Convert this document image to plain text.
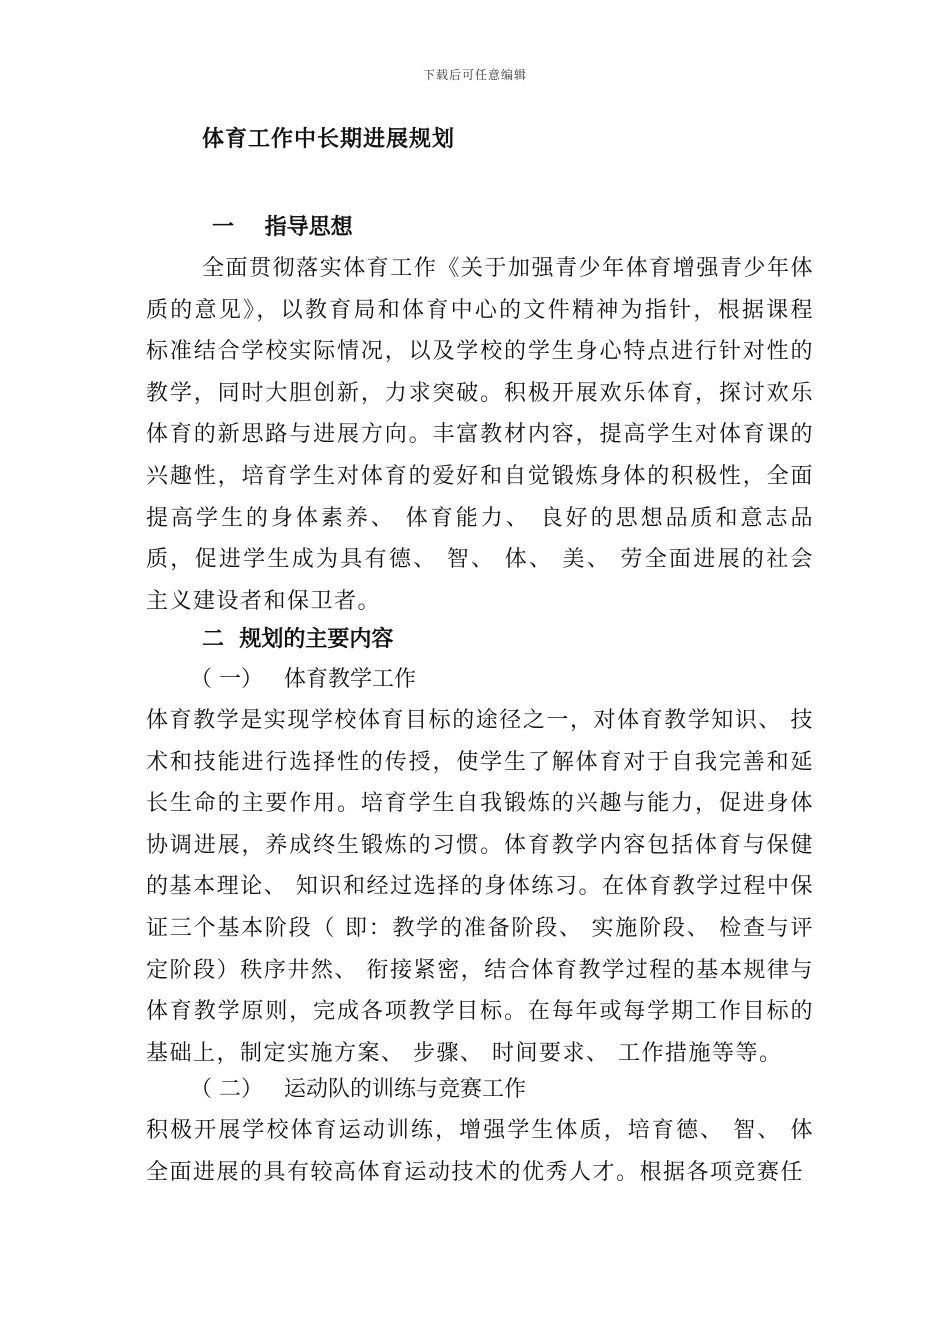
下载后可任意编辑
体育工作中长期进展规划
一    指导思想
全面贯彻落实体育工作《关于加强青少年体育增强青少年体质的意见》，以教育局和体育中心的文件精神为指针，根据课程标准结合学校实际情况，以及学校的学生身心特点进行针对性的教学，同时大胆创新，力求突破。积极开展欢乐体育，探讨欢乐体育的新思路与进展方向。丰富教材内容，提高学生对体育课的兴趣性，培育学生对体育的爱好和自觉锻炼身体的积极性，全面提高学生的身体素养、 体育能力、 良好的思想品质和意志品质，促进学生成为具有德、 智、 体、 美、 劳全面进展的社会主义建设者和保卫者。
二  规划的主要内容
（ 一）   体育教学工作
体育教学是实现学校体育目标的途径之一，对体育教学知识、 技术和技能进行选择性的传授，使学生了解体育对于自我完善和延长生命的主要作用。培育学生自我锻炼的兴趣与能力，促进身体协调进展，养成终生锻炼的习惯。体育教学内容包括体育与保健的基本理论、 知识和经过选择的身体练习。在体育教学过程中保证三个基本阶段（ 即：教学的准备阶段、 实施阶段、 检查与评定阶段）秩序井然、 衔接紧密，结合体育教学过程的基本规律与体育教学原则，完成各项教学目标。在每年或每学期工作目标的基础上，制定实施方案、 步骤、 时间要求、 工作措施等等。
（ 二）   运动队的训练与竞赛工作
积极开展学校体育运动训练，增强学生体质，培育德、 智、 体全面进展的具有较高体育运动技术的优秀人才。根据各项竞赛任
